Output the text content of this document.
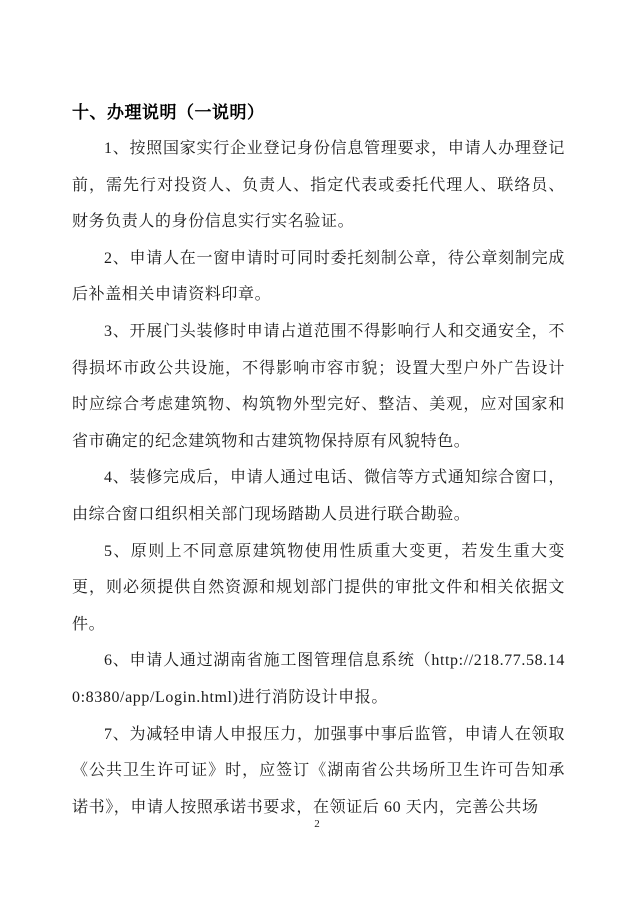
十、办理说明（一说明）

1、按照国家实行企业登记身份信息管理要求，申请人办理登记前，需先行对投资人、负责人、指定代表或委托代理人、联络员、财务负责人的身份信息实行实名验证。

2、申请人在一窗申请时可同时委托刻制公章，待公章刻制完成后补盖相关申请资料印章。

3、开展门头装修时申请占道范围不得影响行人和交通安全，不得损坏市政公共设施，不得影响市容市貌；设置大型户外广告设计时应综合考虑建筑物、构筑物外型完好、整洁、美观，应对国家和省市确定的纪念建筑物和古建筑物保持原有风貌特色。

4、装修完成后，申请人通过电话、微信等方式通知综合窗口，由综合窗口组织相关部门现场踏勘人员进行联合勘验。

5、原则上不同意原建筑物使用性质重大变更，若发生重大变更，则必须提供自然资源和规划部门提供的审批文件和相关依据文件。

6、申请人通过湖南省施工图管理信息系统（http://218.77.58.140:8380/app/Login.html)进行消防设计申报。

7、为减轻申请人申报压力，加强事中事后监管，申请人在领取《公共卫生许可证》时，应签订《湖南省公共场所卫生许可告知承诺书》，申请人按照承诺书要求，在领证后 60 天内，完善公共场

2
